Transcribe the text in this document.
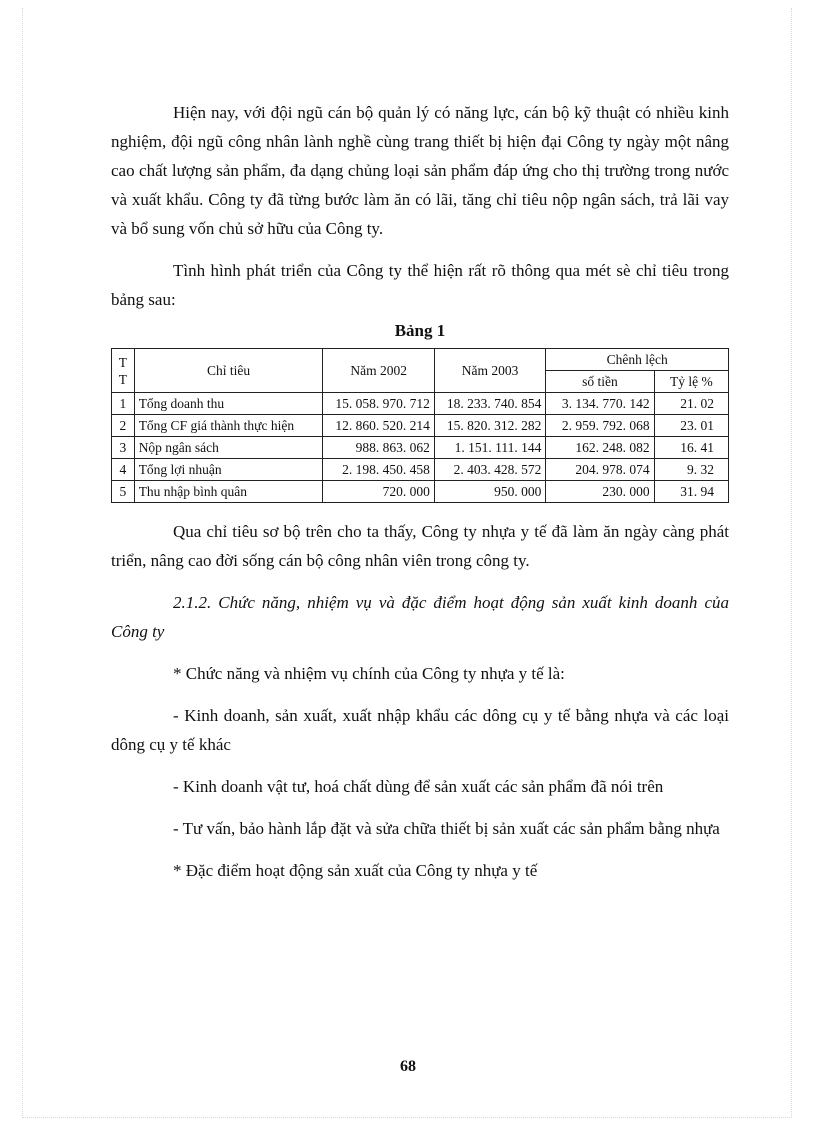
Hiện nay, với đội ngũ cán bộ quản lý có năng lực, cán bộ kỹ thuật có nhiều kinh nghiệm, đội ngũ công nhân lành nghề cùng trang thiết bị hiện đại Công ty ngày một nâng cao chất lượng sản phẩm, đa dạng chủng loại sản phẩm đáp ứng cho thị trường trong nước và xuất khẩu. Công ty đã từng bước làm ăn có lãi, tăng chỉ tiêu nộp ngân sách, trả lãi vay và bổ sung vốn chủ sở hữu của Công ty.

Tình hình phát triển của Công ty thể hiện rất rõ thông qua mét sè chỉ tiêu trong bảng sau:

Bảng 1
T T	Chỉ tiêu	Năm 2002	Năm 2003	Chênh lệch	
				số tiền	Tỷ lệ %
1	Tổng doanh thu	15. 058. 970. 712	18. 233. 740. 854	3. 134. 770. 142	21. 02
2	Tổng CF giá thành thực hiện	12. 860. 520. 214	15. 820. 312. 282	2. 959. 792. 068	23. 01
3	Nộp ngân sách	988. 863. 062	1. 151. 111. 144	162. 248. 082	16. 41
4	Tổng lợi nhuận	2. 198. 450. 458	2. 403. 428. 572	204. 978. 074	9. 32
5	Thu nhập bình quân	720. 000	950. 000	230. 000	31. 94

Qua chỉ tiêu sơ bộ trên cho ta thấy, Công ty nhựa y tế đã làm ăn ngày càng phát triển, nâng cao đời sống cán bộ công nhân viên trong công ty.

2.1.2. Chức năng, nhiệm vụ và đặc điểm hoạt động sản xuất kinh doanh của Công ty

* Chức năng và nhiệm vụ chính của Công ty nhựa y tế là:

- Kinh doanh, sản xuất, xuất nhập khẩu các dông cụ y tế bằng nhựa và các loại dông cụ y tế khác

- Kinh doanh vật tư, hoá chất dùng để sản xuất các sản phẩm đã nói trên

- Tư vấn, bảo hành lắp đặt và sửa chữa thiết bị sản xuất các sản phẩm bằng nhựa

* Đặc điểm hoạt động sản xuất của Công ty nhựa y tế

68
